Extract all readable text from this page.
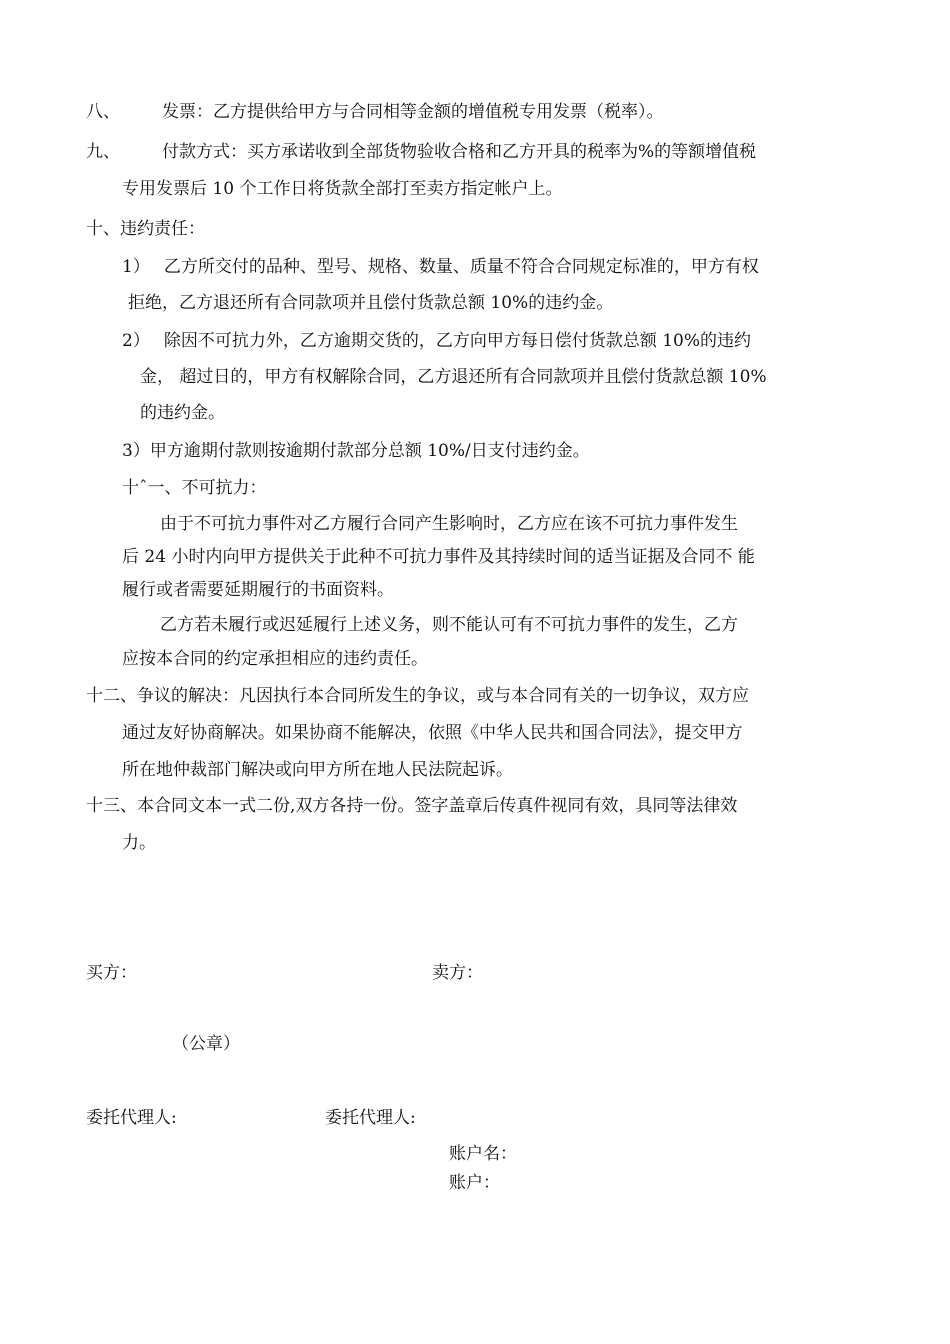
八、 发票：乙方提供给甲方与合同相等金额的增值税专用发票（税率）。
九、 付款方式：买方承诺收到全部货物验收合格和乙方开具的税率为%的等额增值税
专用发票后 10 个工作日将货款全部打至卖方指定帐户上。
十、违约责任：
1） 乙方所交付的品种、型号、规格、数量、质量不符合合同规定标准的，甲方有权
拒绝，乙方退还所有合同款项并且偿付货款总额 10%的违约金。
2） 除因不可抗力外，乙方逾期交货的，乙方向甲方每日偿付货款总额 10%的违约
金， 超过日的，甲方有权解除合同，乙方退还所有合同款项并且偿付货款总额 10%
的违约金。
3）甲方逾期付款则按逾期付款部分总额 10%/日支付违约金。
十ˆ一、不可抗力：
由于不可抗力事件对乙方履行合同产生影响时，乙方应在该不可抗力事件发生
后 24 小时内向甲方提供关于此种不可抗力事件及其持续时间的适当证据及合同不 能
履行或者需要延期履行的书面资料。
乙方若未履行或迟延履行上述义务，则不能认可有不可抗力事件的发生，乙方
应按本合同的约定承担相应的违约责任。
十二、争议的解决：凡因执行本合同所发生的争议，或与本合同有关的一切争议，双方应
通过友好协商解决。如果协商不能解决，依照《中华人民共和国合同法》，提交甲方
所在地仲裁部门解决或向甲方所在地人民法院起诉。
十三、本合同文本一式二份,双方各持一份。签字盖章后传真件视同有效，具同等法律效
力。
买方：	卖方：
（公章）
委托代理人:	委托代理人:
账户名：
账户：
